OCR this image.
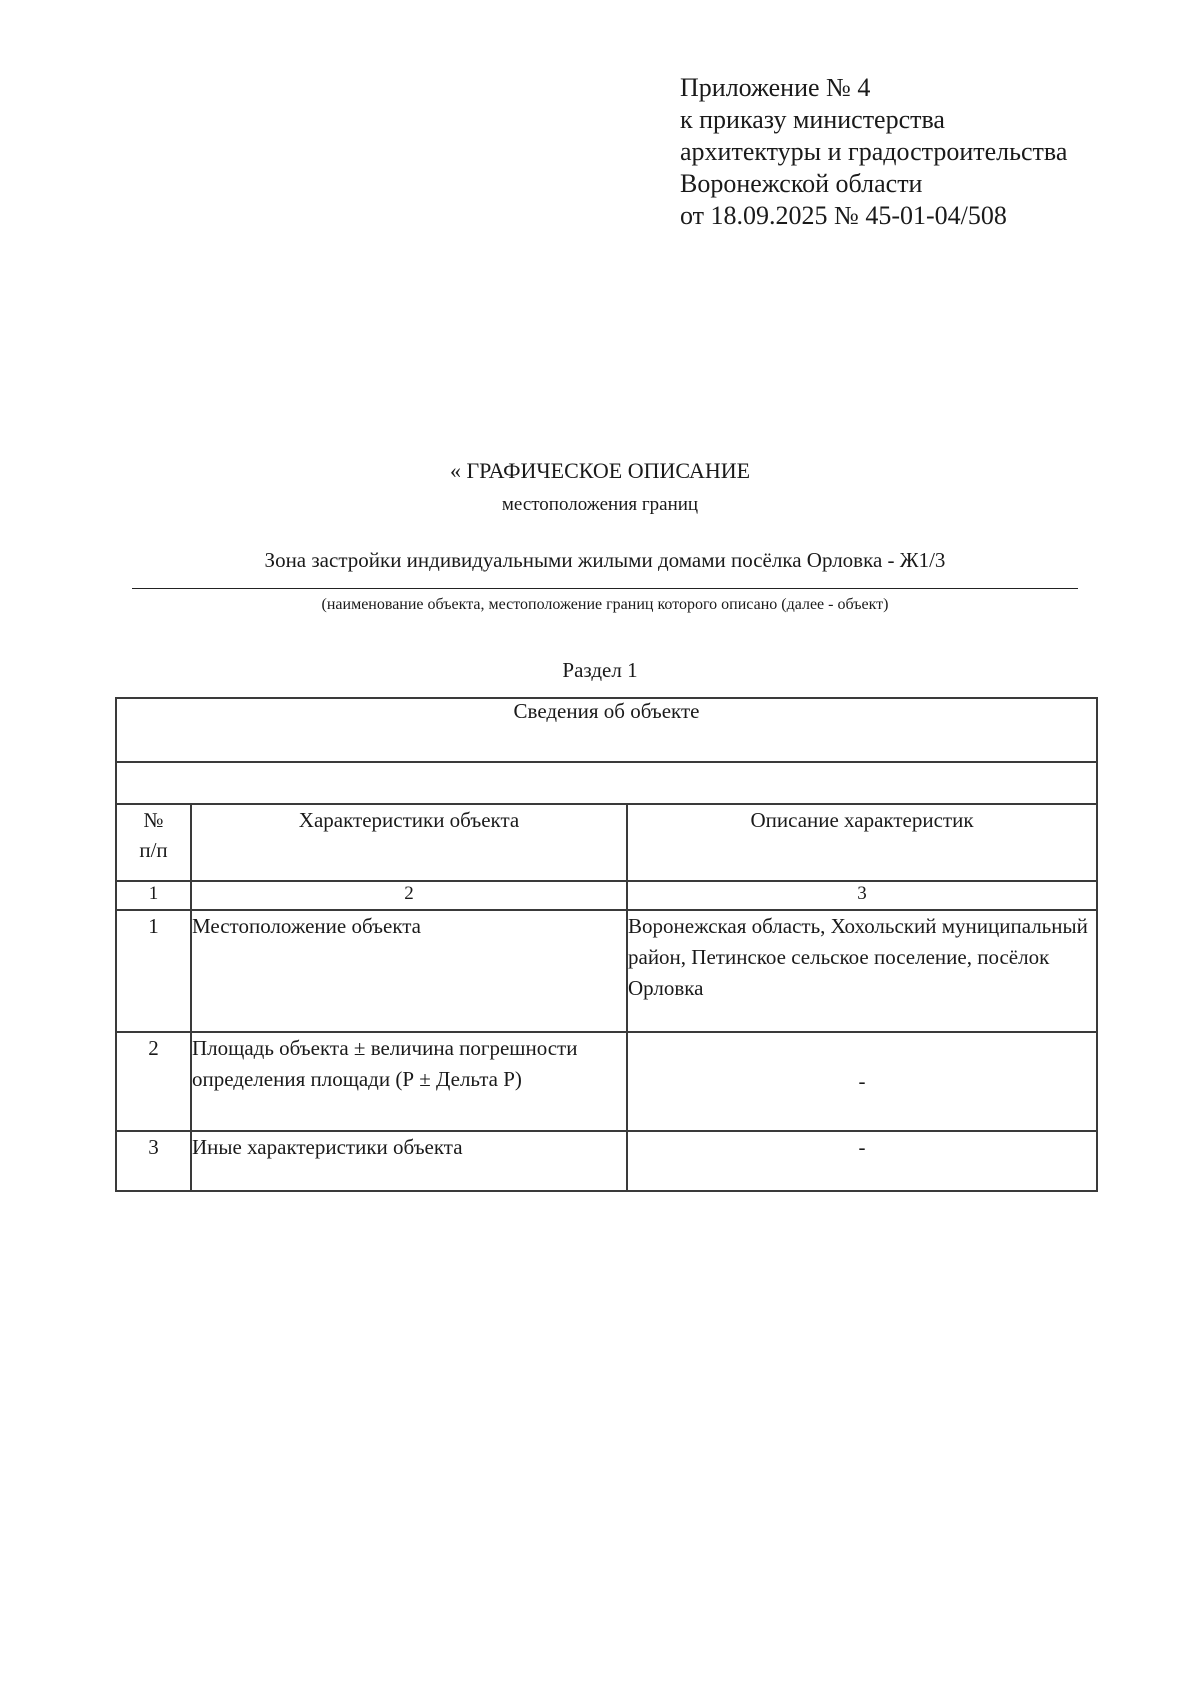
Приложение № 4
к приказу министерства
архитектуры и градостроительства
Воронежской области
от 18.09.2025 № 45-01-04/508
« ГРАФИЧЕСКОЕ ОПИСАНИЕ
местоположения границ
Зона застройки индивидуальными жилыми домами посёлка Орловка - Ж1/3
(наименование объекта, местоположение границ которого описано (далее - объект)
Раздел 1
Сведения об объекте		

№
п/п	Характеристики объекта	Описание характеристик
1	2	3
1	Местоположение объекта	Воронежская область, Хохольский муниципальный район, Петинское сельское поселение, посёлок Орловка
2	Площадь объекта ± величина погрешности определения площади (Р ± Дельта Р)	-
3	Иные характеристики объекта	-
